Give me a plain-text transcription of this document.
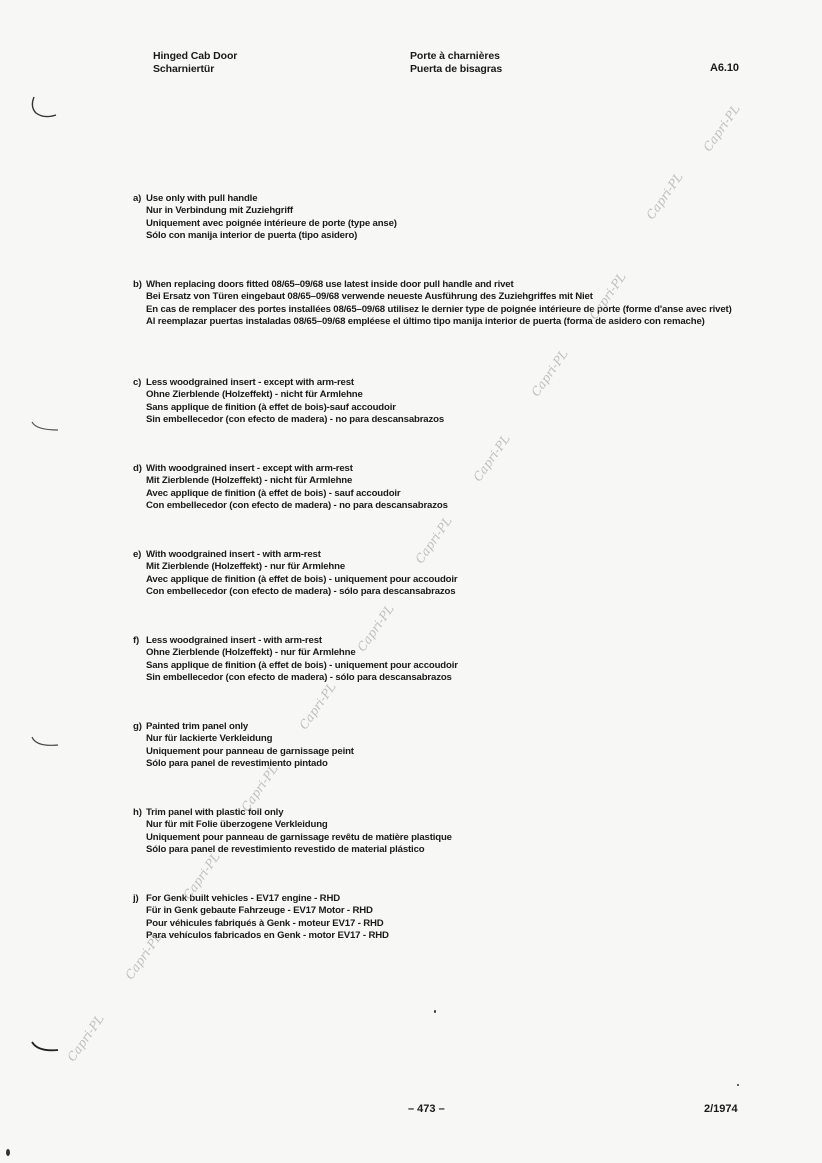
Hinged Cab Door
Scharniertür
Porte à charnières
Puerta de bisagras	A6.10
a) Use only with pull handle
Nur in Verbindung mit Zuziehgriff
Uniquement avec poignée intérieure de porte (type anse)
Sólo con manija interior de puerta (tipo asidero)
b) When replacing doors fitted 08/65–09/68 use latest inside door pull handle and rivet
Bei Ersatz von Türen eingebaut 08/65–09/68 verwende neueste Ausführung des Zuziehgriffes mit Niet
En cas de remplacer des portes installées 08/65–09/68 utilisez le dernier type de poignée intérieure de porte (forme d'anse avec rivet)
Al reemplazar puertas instaladas 08/65–09/68 empléese el último tipo manija interior de puerta (forma de asidero con remache)
c) Less woodgrained insert - except with arm-rest
Ohne Zierblende (Holzeffekt) - nicht für Armlehne
Sans applique de finition (à effet de bois)-sauf accoudoir
Sin embellecedor (con efecto de madera) - no para descansabrazos
d) With woodgrained insert - except with arm-rest
Mit Zierblende (Holzeffekt) - nicht für Armlehne
Avec applique de finition (à effet de bois) - sauf accoudoir
Con embellecedor (con efecto de madera) - no para descansabrazos
e) With woodgrained insert - with arm-rest
Mit Zierblende (Holzeffekt) - nur für Armlehne
Avec applique de finition (à effet de bois) - uniquement pour accoudoir
Con embellecedor (con efecto de madera) - sólo para descansabrazos
f) Less woodgrained insert - with arm-rest
Ohne Zierblende (Holzeffekt) - nur für Armlehne
Sans applique de finition (à effet de bois) - uniquement pour accoudoir
Sin embellecedor (con efecto de madera) - sólo para descansabrazos
g) Painted trim panel only
Nur für lackierte Verkleidung
Uniquement pour panneau de garnissage peint
Sólo para panel de revestimiento pintado
h) Trim panel with plastic foil only
Nur für mit Folie überzogene Verkleidung
Uniquement pour panneau de garnissage revêtu de matière plastique
Sólo para panel de revestimiento revestido de material plástico
j) For Genk built vehicles - EV17 engine - RHD
Für in Genk gebaute Fahrzeuge - EV17 Motor - RHD
Pour véhicules fabriqués à Genk - moteur EV17 - RHD
Para vehículos fabricados en Genk - motor EV17 - RHD
– 473 –	2/1974
Capri-PL
Capri-PL
Capri-PL
Capri-PL
Capri-PL
Capri-PL
Capri-PL
Capri-PL
Capri-PL
Capri-PL
Capri-PL
Capri-PL
